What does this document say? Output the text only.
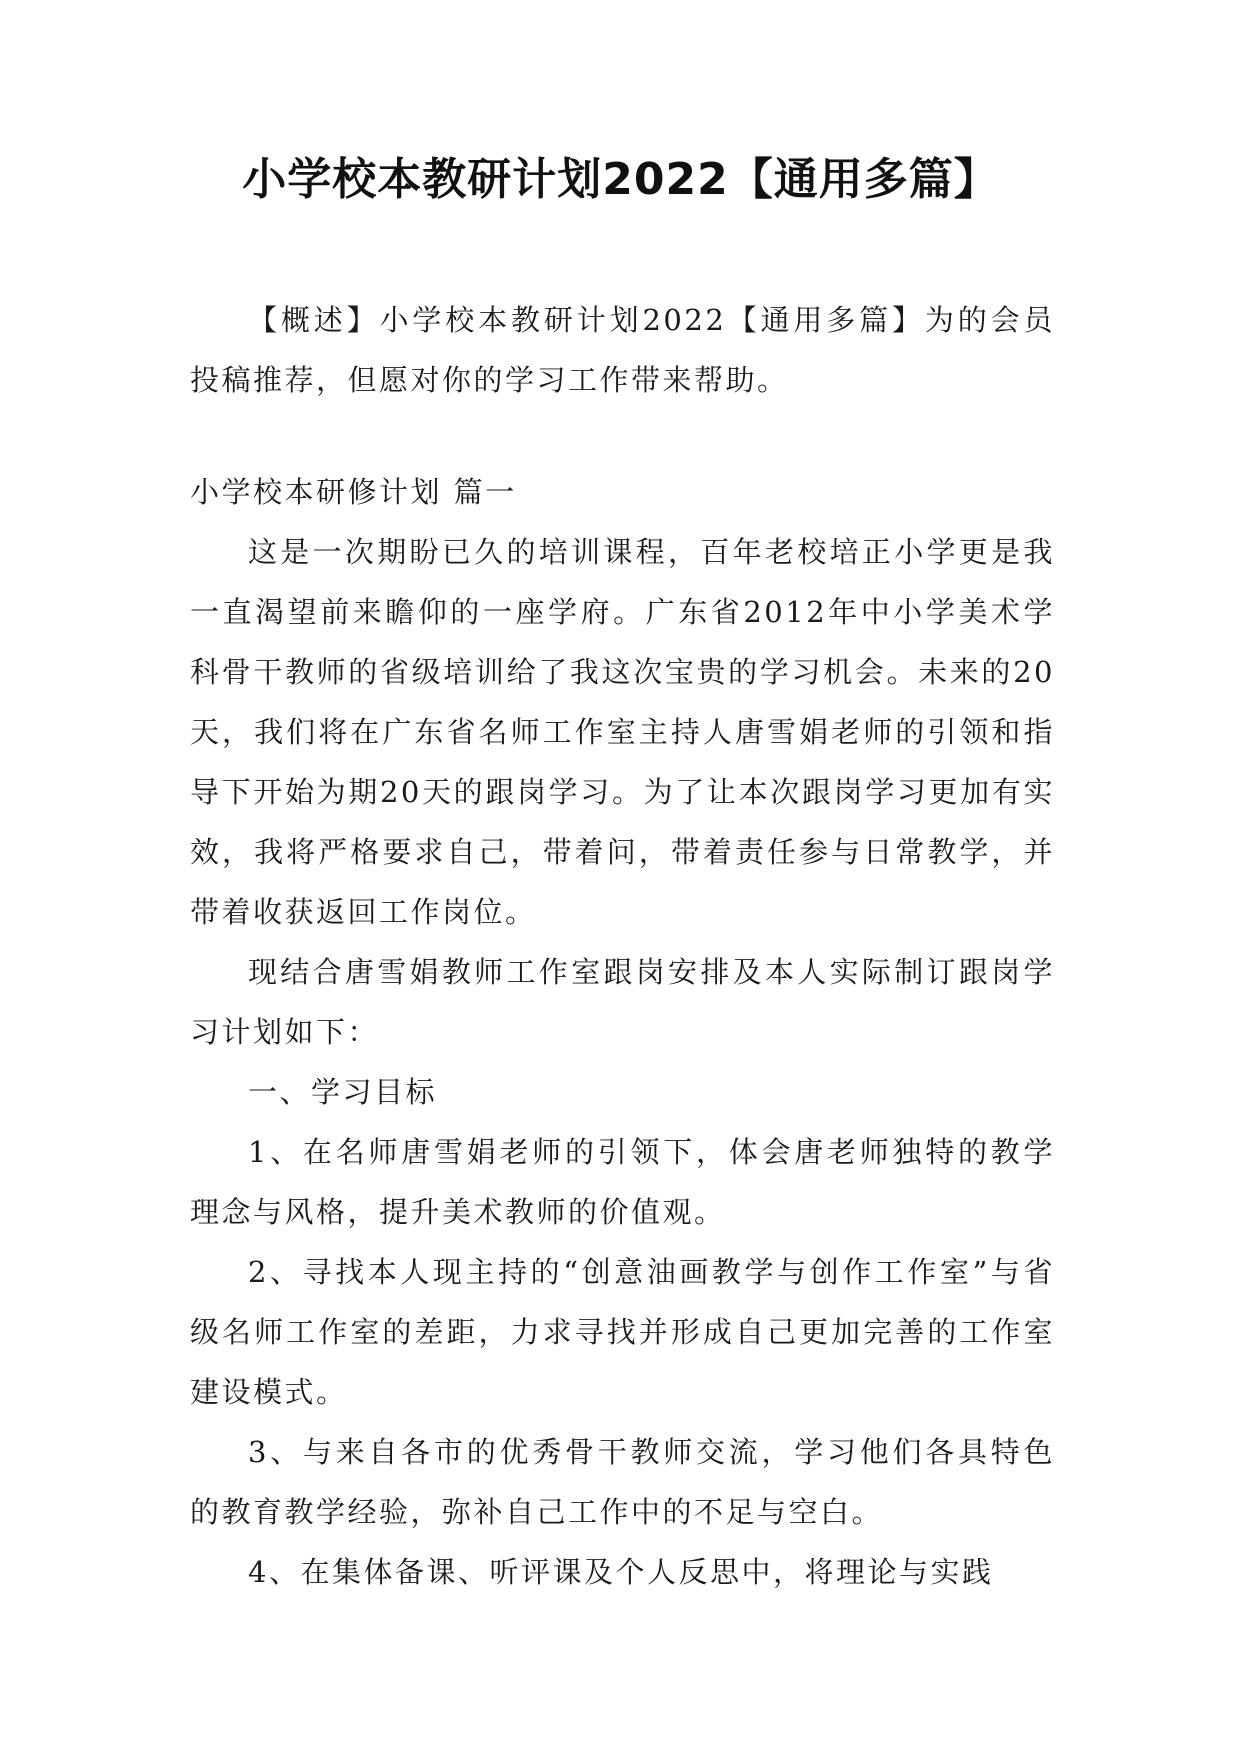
小学校本教研计划2022【通用多篇】

【概述】小学校本教研计划2022【通用多篇】为的会员投稿推荐，但愿对你的学习工作带来帮助。

小学校本研修计划 篇一

这是一次期盼已久的培训课程，百年老校培正小学更是我一直渴望前来瞻仰的一座学府。广东省2012年中小学美术学科骨干教师的省级培训给了我这次宝贵的学习机会。未来的20天，我们将在广东省名师工作室主持人唐雪娟老师的引领和指导下开始为期20天的跟岗学习。为了让本次跟岗学习更加有实效，我将严格要求自己，带着问，带着责任参与日常教学，并带着收获返回工作岗位。

现结合唐雪娟教师工作室跟岗安排及本人实际制订跟岗学习计划如下：

一、学习目标

1、在名师唐雪娟老师的引领下，体会唐老师独特的教学理念与风格，提升美术教师的价值观。

2、寻找本人现主持的“创意油画教学与创作工作室”与省级名师工作室的差距，力求寻找并形成自己更加完善的工作室建设模式。

3、与来自各市的优秀骨干教师交流，学习他们各具特色的教育教学经验，弥补自己工作中的不足与空白。

4、在集体备课、听评课及个人反思中，将理论与实践
